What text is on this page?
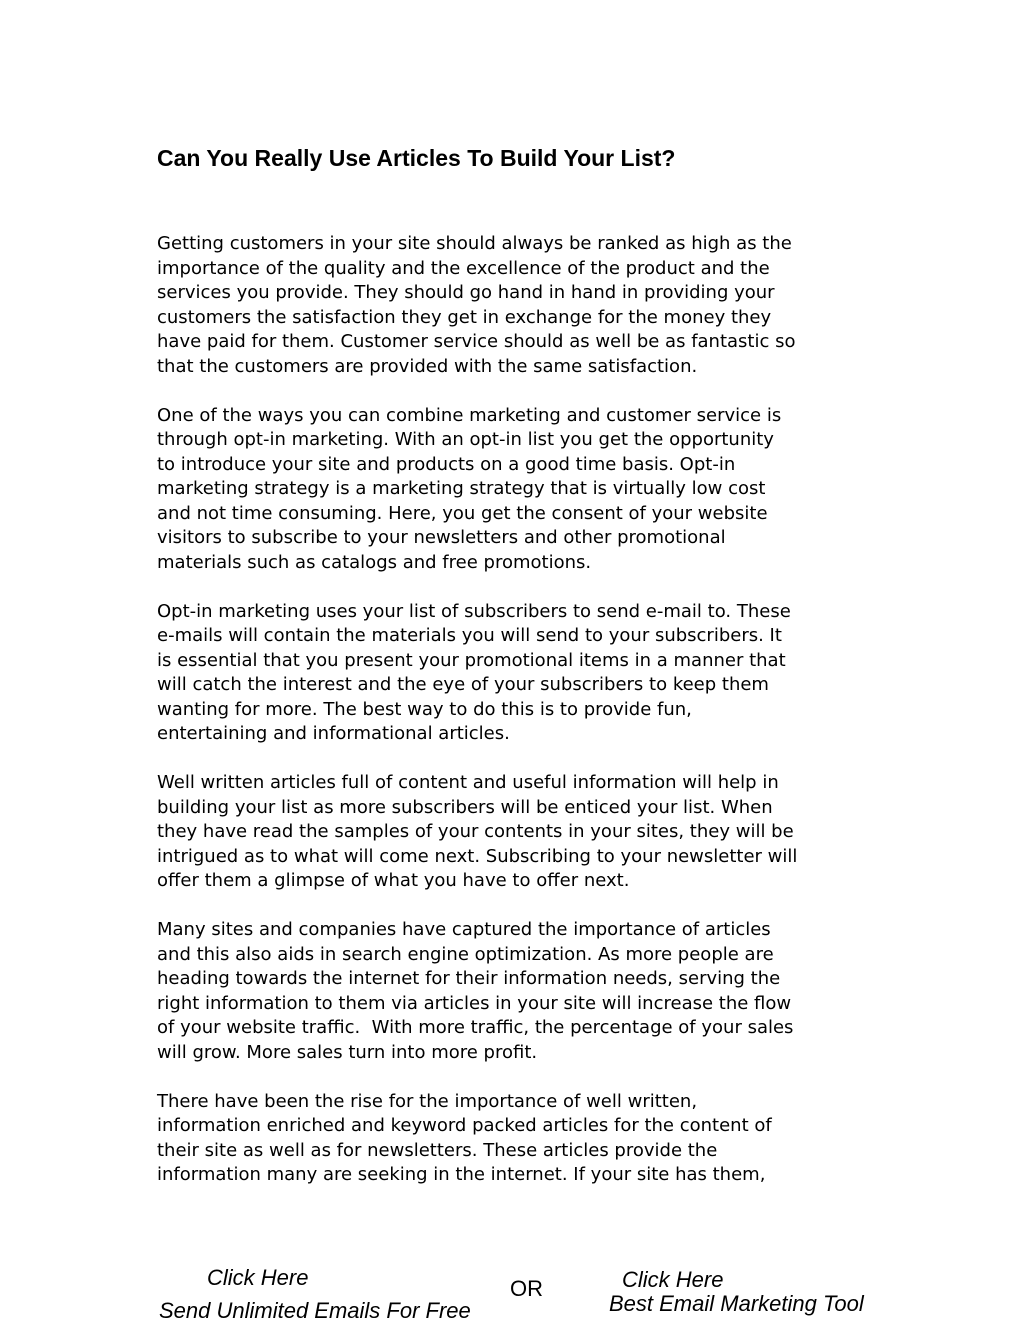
Can You Really Use Articles To Build Your List?

Getting customers in your site should always be ranked as high as the
importance of the quality and the excellence of the product and the
services you provide. They should go hand in hand in providing your
customers the satisfaction they get in exchange for the money they
have paid for them. Customer service should as well be as fantastic so
that the customers are provided with the same satisfaction.

One of the ways you can combine marketing and customer service is
through opt-in marketing. With an opt-in list you get the opportunity
to introduce your site and products on a good time basis. Opt-in
marketing strategy is a marketing strategy that is virtually low cost
and not time consuming. Here, you get the consent of your website
visitors to subscribe to your newsletters and other promotional
materials such as catalogs and free promotions.

Opt-in marketing uses your list of subscribers to send e-mail to. These
e-mails will contain the materials you will send to your subscribers. It
is essential that you present your promotional items in a manner that
will catch the interest and the eye of your subscribers to keep them
wanting for more. The best way to do this is to provide fun,
entertaining and informational articles.

Well written articles full of content and useful information will help in
building your list as more subscribers will be enticed your list. When
they have read the samples of your contents in your sites, they will be
intrigued as to what will come next. Subscribing to your newsletter will
offer them a glimpse of what you have to offer next.

Many sites and companies have captured the importance of articles
and this also aids in search engine optimization. As more people are
heading towards the internet for their information needs, serving the
right information to them via articles in your site will increase the flow
of your website traffic.  With more traffic, the percentage of your sales
will grow. More sales turn into more profit.

There have been the rise for the importance of well written,
information enriched and keyword packed articles for the content of
their site as well as for newsletters. These articles provide the
information many are seeking in the internet. If your site has them,

Click Here
Send Unlimited Emails For Free
OR	Click Here
Best Email Marketing Tool
